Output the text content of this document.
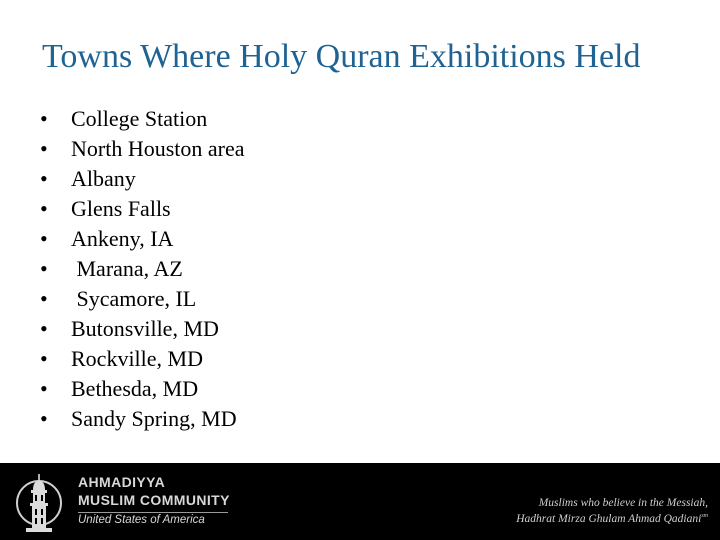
Towns Where Holy Quran Exhibitions Held
•	College Station
•	North Houston area
•	Albany
•	Glens Falls
•	Ankeny, IA
•	Marana, AZ
•	Sycamore, IL
•	Butonsville, MD
•	Rockville, MD
•	Bethesda, MD
•	Sandy Spring, MD
AHMADIYYA
MUSLIM COMMUNITY
United States of America
Muslims who believe in the Messiah,
Hadhrat Mirza Ghulam Ahmad Qadiani$^{sm}$
